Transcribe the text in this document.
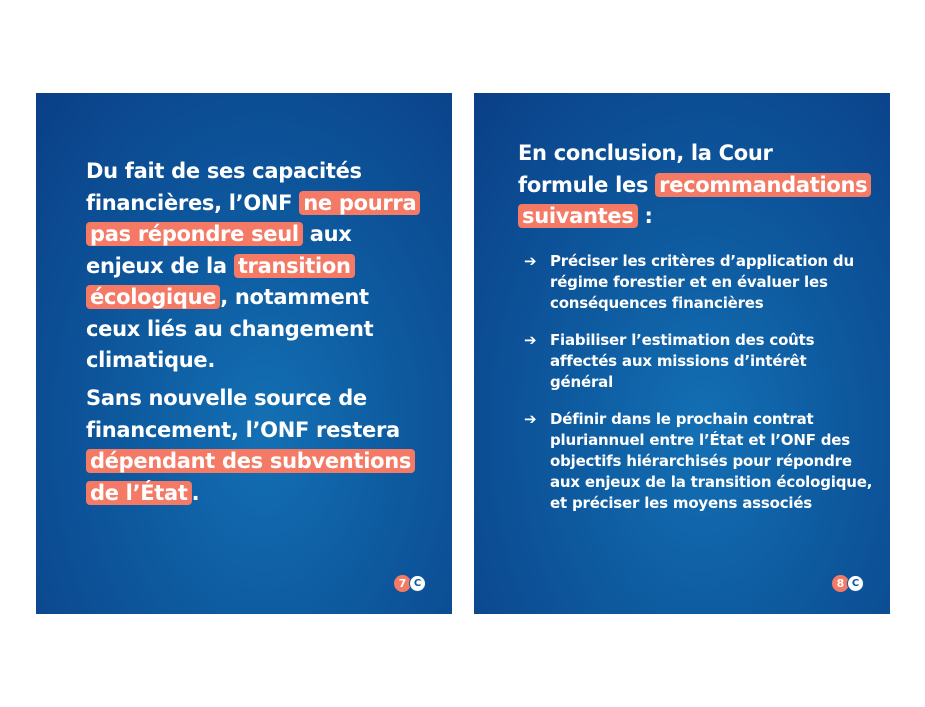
Du fait de ses capacités financières, l’ONF ne pourra pas répondre seul aux enjeux de la transition écologique , notamment ceux liés au changement climatique.

Sans nouvelle source de financement, l’ONF restera dépendant des subventions de l’État .

7 C

En conclusion, la Cour formule les recommandations suivantes :

➔ Préciser les critères d’application du régime forestier et en évaluer les conséquences financières
➔ Fiabiliser l’estimation des coûts affectés aux missions d’intérêt général
➔ Définir dans le prochain contrat pluriannuel entre l’État et l’ONF des objectifs hiérarchisés pour répondre aux enjeux de la transition écologique, et préciser les moyens associés
8 C
